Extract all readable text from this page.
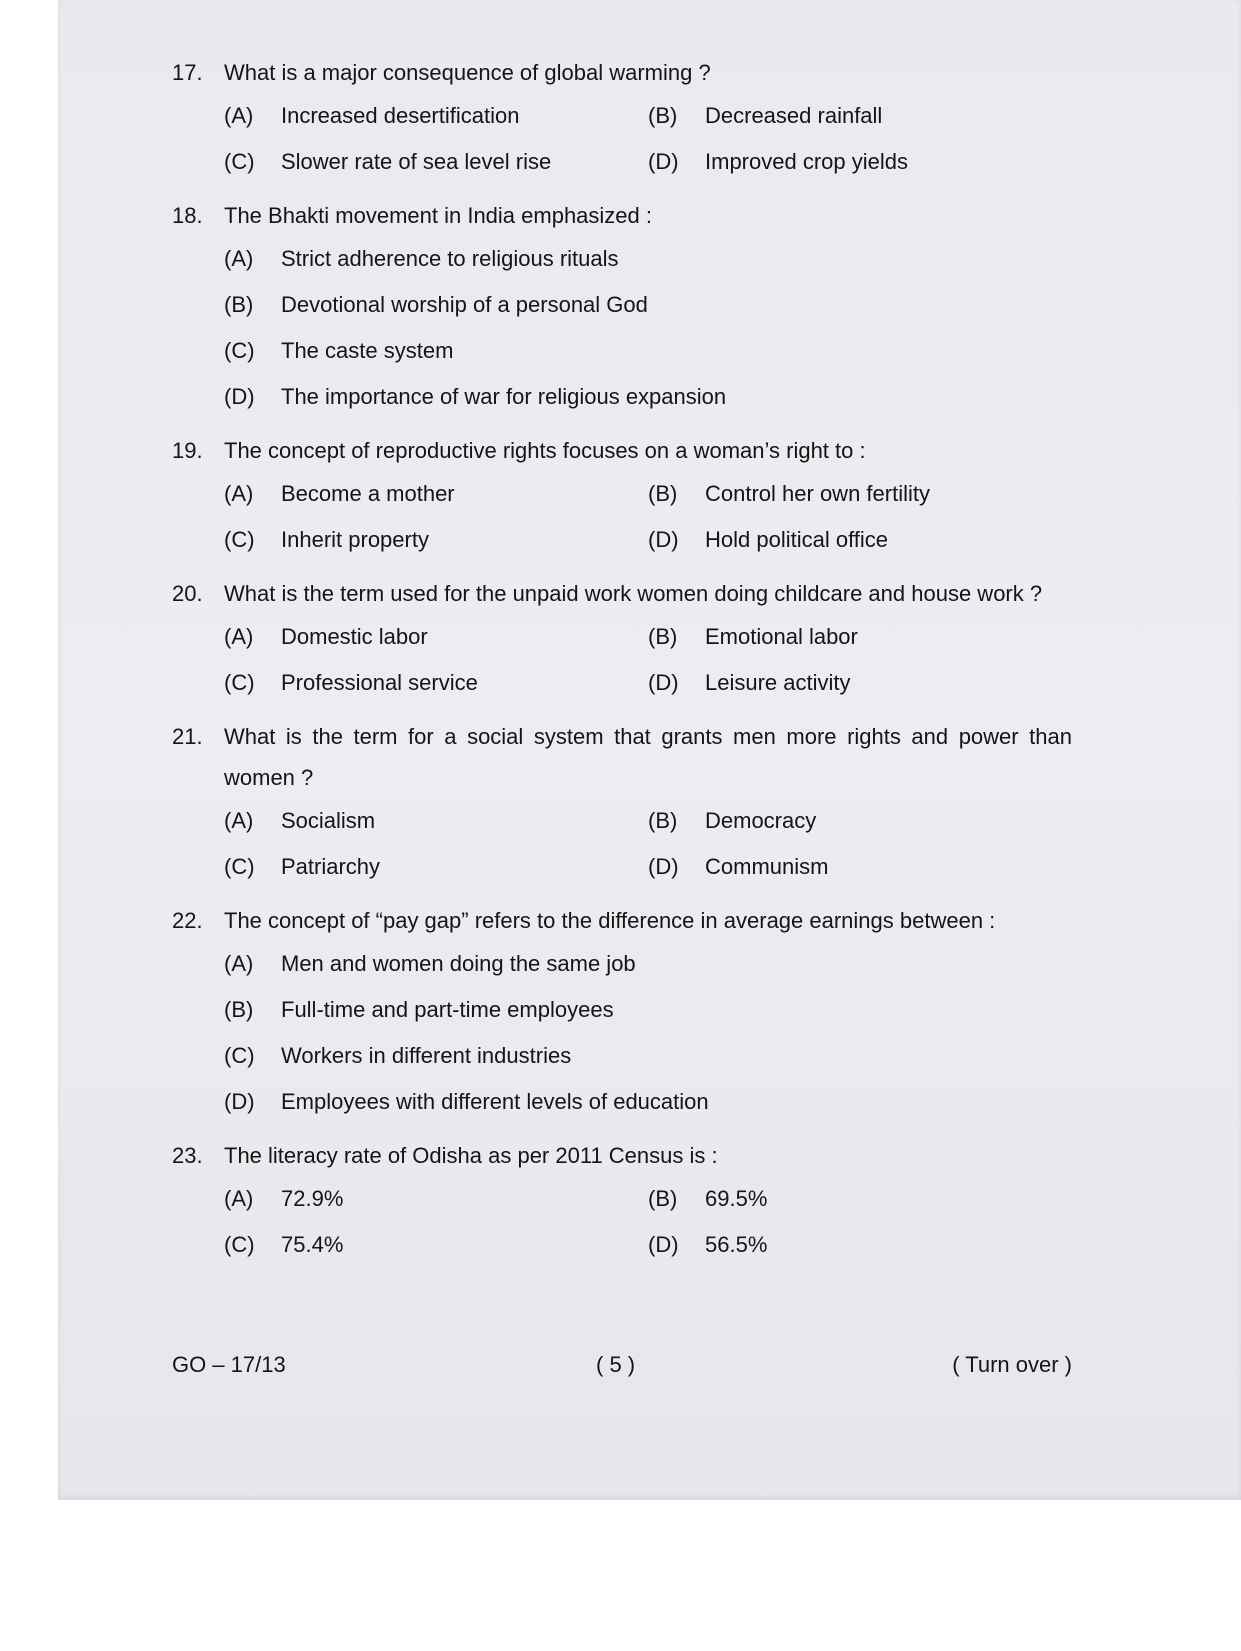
17. What is a major consequence of global warming ?
(A)	Increased desertification	(B)	Decreased rainfall
(C)	Slower rate of sea level rise	(D)	Improved crop yields
18. The Bhakti movement in India emphasized :
(A)	Strict adherence to religious rituals
(B)	Devotional worship of a personal God
(C)	The caste system
(D)	The importance of war for religious expansion
19. The concept of reproductive rights focuses on a woman’s right to :
(A)	Become a mother	(B)	Control her own fertility
(C)	Inherit property	(D)	Hold political office
20. What is the term used for the unpaid work women doing childcare and house work ?
(A)	Domestic labor	(B)	Emotional labor
(C)	Professional service	(D)	Leisure activity
21. What is the term for a social system that grants men more rights and power than women ?
(A)	Socialism	(B)	Democracy
(C)	Patriarchy	(D)	Communism
22. The concept of “pay gap” refers to the difference in average earnings between :
(A)	Men and women doing the same job
(B)	Full-time and part-time employees
(C)	Workers in different industries
(D)	Employees with different levels of education
23. The literacy rate of Odisha as per 2011 Census is :
(A)	72.9%	(B)	69.5%
(C)	75.4%	(D)	56.5%
GO – 17/13	( 5 )	( Turn over )
